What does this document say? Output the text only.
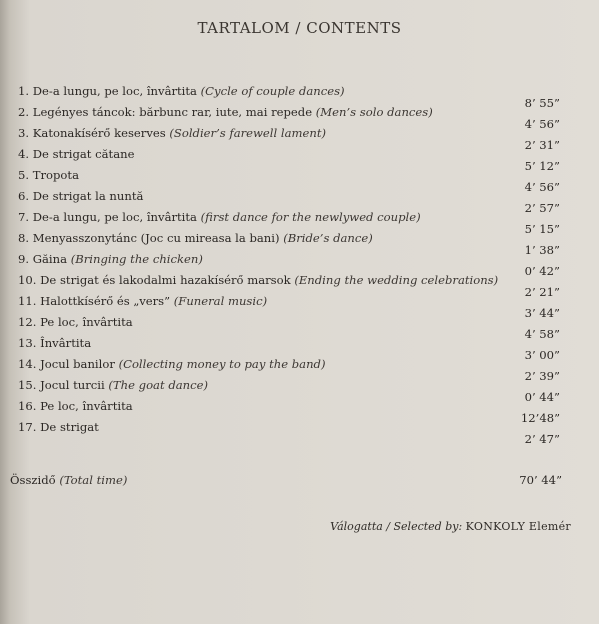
TARTALOM / CONTENTS
1. De-a lungu, pe loc, învârtita (Cycle of couple dances)
8’ 55”
2. Legényes táncok: bărbunc rar, iute, mai repede (Men’s solo dances)
4’ 56”
3. Katonakísérő keserves (Soldier’s farewell lament)
2’ 31”
4. De strigat cătane
5’ 12”
5. Tropota
4’ 56”
6. De strigat la nuntă
2’ 57”
7. De-a lungu, pe loc, învârtita (first dance for the newlywed couple)
5’ 15”
8. Menyasszonytánc (Joc cu mireasa la bani) (Bride’s dance)
1’ 38”
9. Găina (Bringing the chicken)
0’ 42”
10. De strigat és lakodalmi hazakísérő marsok (Ending the wedding celebrations)
2’ 21”
11. Halottkísérő és „vers” (Funeral music)
3’ 44”
12. Pe loc, învârtita
4’ 58”
13. Învârtita
3’ 00”
14. Jocul banilor (Collecting money to pay the band)
2’ 39”
15. Jocul turcii (The goat dance)
0’ 44”
16. Pe loc, învârtita
12’48”
17. De strigat
2’ 47”
Összidő (Total time)	70’ 44”
Válogatta / Selected by: KONKOLY Elemér
